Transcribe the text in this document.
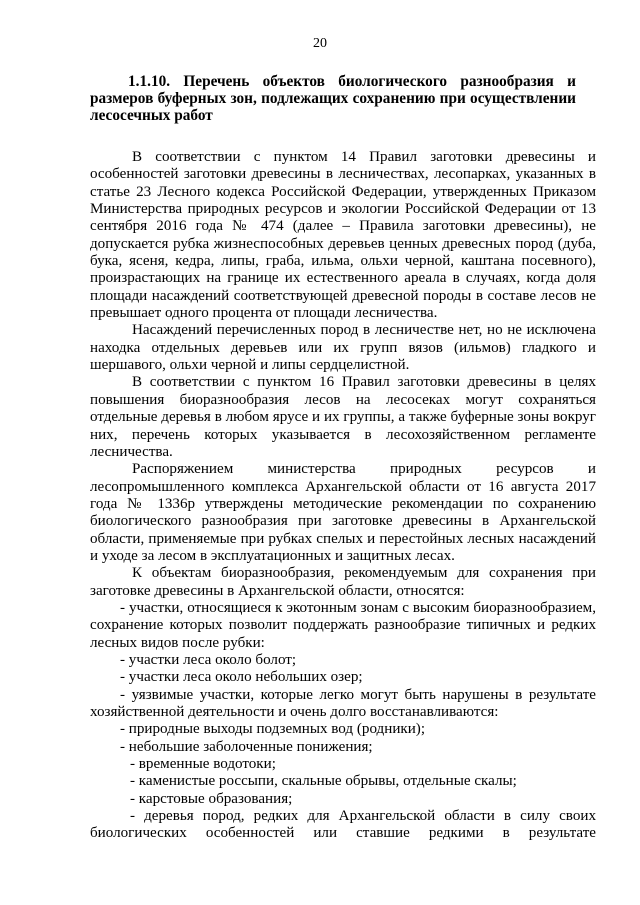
20

1.1.10. Перечень объектов биологического разнообразия и размеров буферных зон, подлежащих сохранению при осуществлении лесосечных работ

В соответствии с пунктом 14 Правил заготовки древесины и особенностей заготовки древесины в лесничествах, лесопарках, указанных в статье 23 Лесного кодекса Российской Федерации, утвержденных Приказом Министерства природных ресурсов и экологии Российской Федерации от 13 сентября 2016 года № 474 (далее – Правила заготовки древесины), не допускается рубка жизнеспособных деревьев ценных древесных пород (дуба, бука, ясеня, кедра, липы, граба, ильма, ольхи черной, каштана посевного), произрастающих на границе их естественного ареала в случаях, когда доля площади насаждений соответствующей древесной породы в составе лесов не превышает одного процента от площади лесничества.

Насаждений перечисленных пород в лесничестве нет, но не исключена находка отдельных деревьев или их групп вязов (ильмов) гладкого и шершавого, ольхи черной и липы сердцелистной.

В соответствии с пунктом 16 Правил заготовки древесины в целях повышения биоразнообразия лесов на лесосеках могут сохраняться отдельные деревья в любом ярусе и их группы, а также буферные зоны вокруг них, перечень которых указывается в лесохозяйственном регламенте лесничества.

Распоряжением министерства природных ресурсов и лесопромышленного комплекса Архангельской области от 16 августа 2017 года № 1336р утверждены методические рекомендации по сохранению биологического разнообразия при заготовке древесины в Архангельской области, применяемые при рубках спелых и перестойных лесных насаждений и уходе за лесом в эксплуатационных и защитных лесах.

К объектам биоразнообразия, рекомендуемым для сохранения при заготовке древесины в Архангельской области, относятся:

- участки, относящиеся к экотонным зонам с высоким биоразнообразием, сохранение которых позволит поддержать разнообразие типичных и редких лесных видов после рубки:

- участки леса около болот;

- участки леса около небольших озер;

- уязвимые участки, которые легко могут быть нарушены в результате хозяйственной деятельности и очень долго восстанавливаются:

- природные выходы подземных вод (родники);

- небольшие заболоченные понижения;

- временные водотоки;

- каменистые россыпи, скальные обрывы, отдельные скалы;

- карстовые образования;

- деревья пород, редких для Архангельской области в силу своих биологических особенностей или ставшие редкими в результате
